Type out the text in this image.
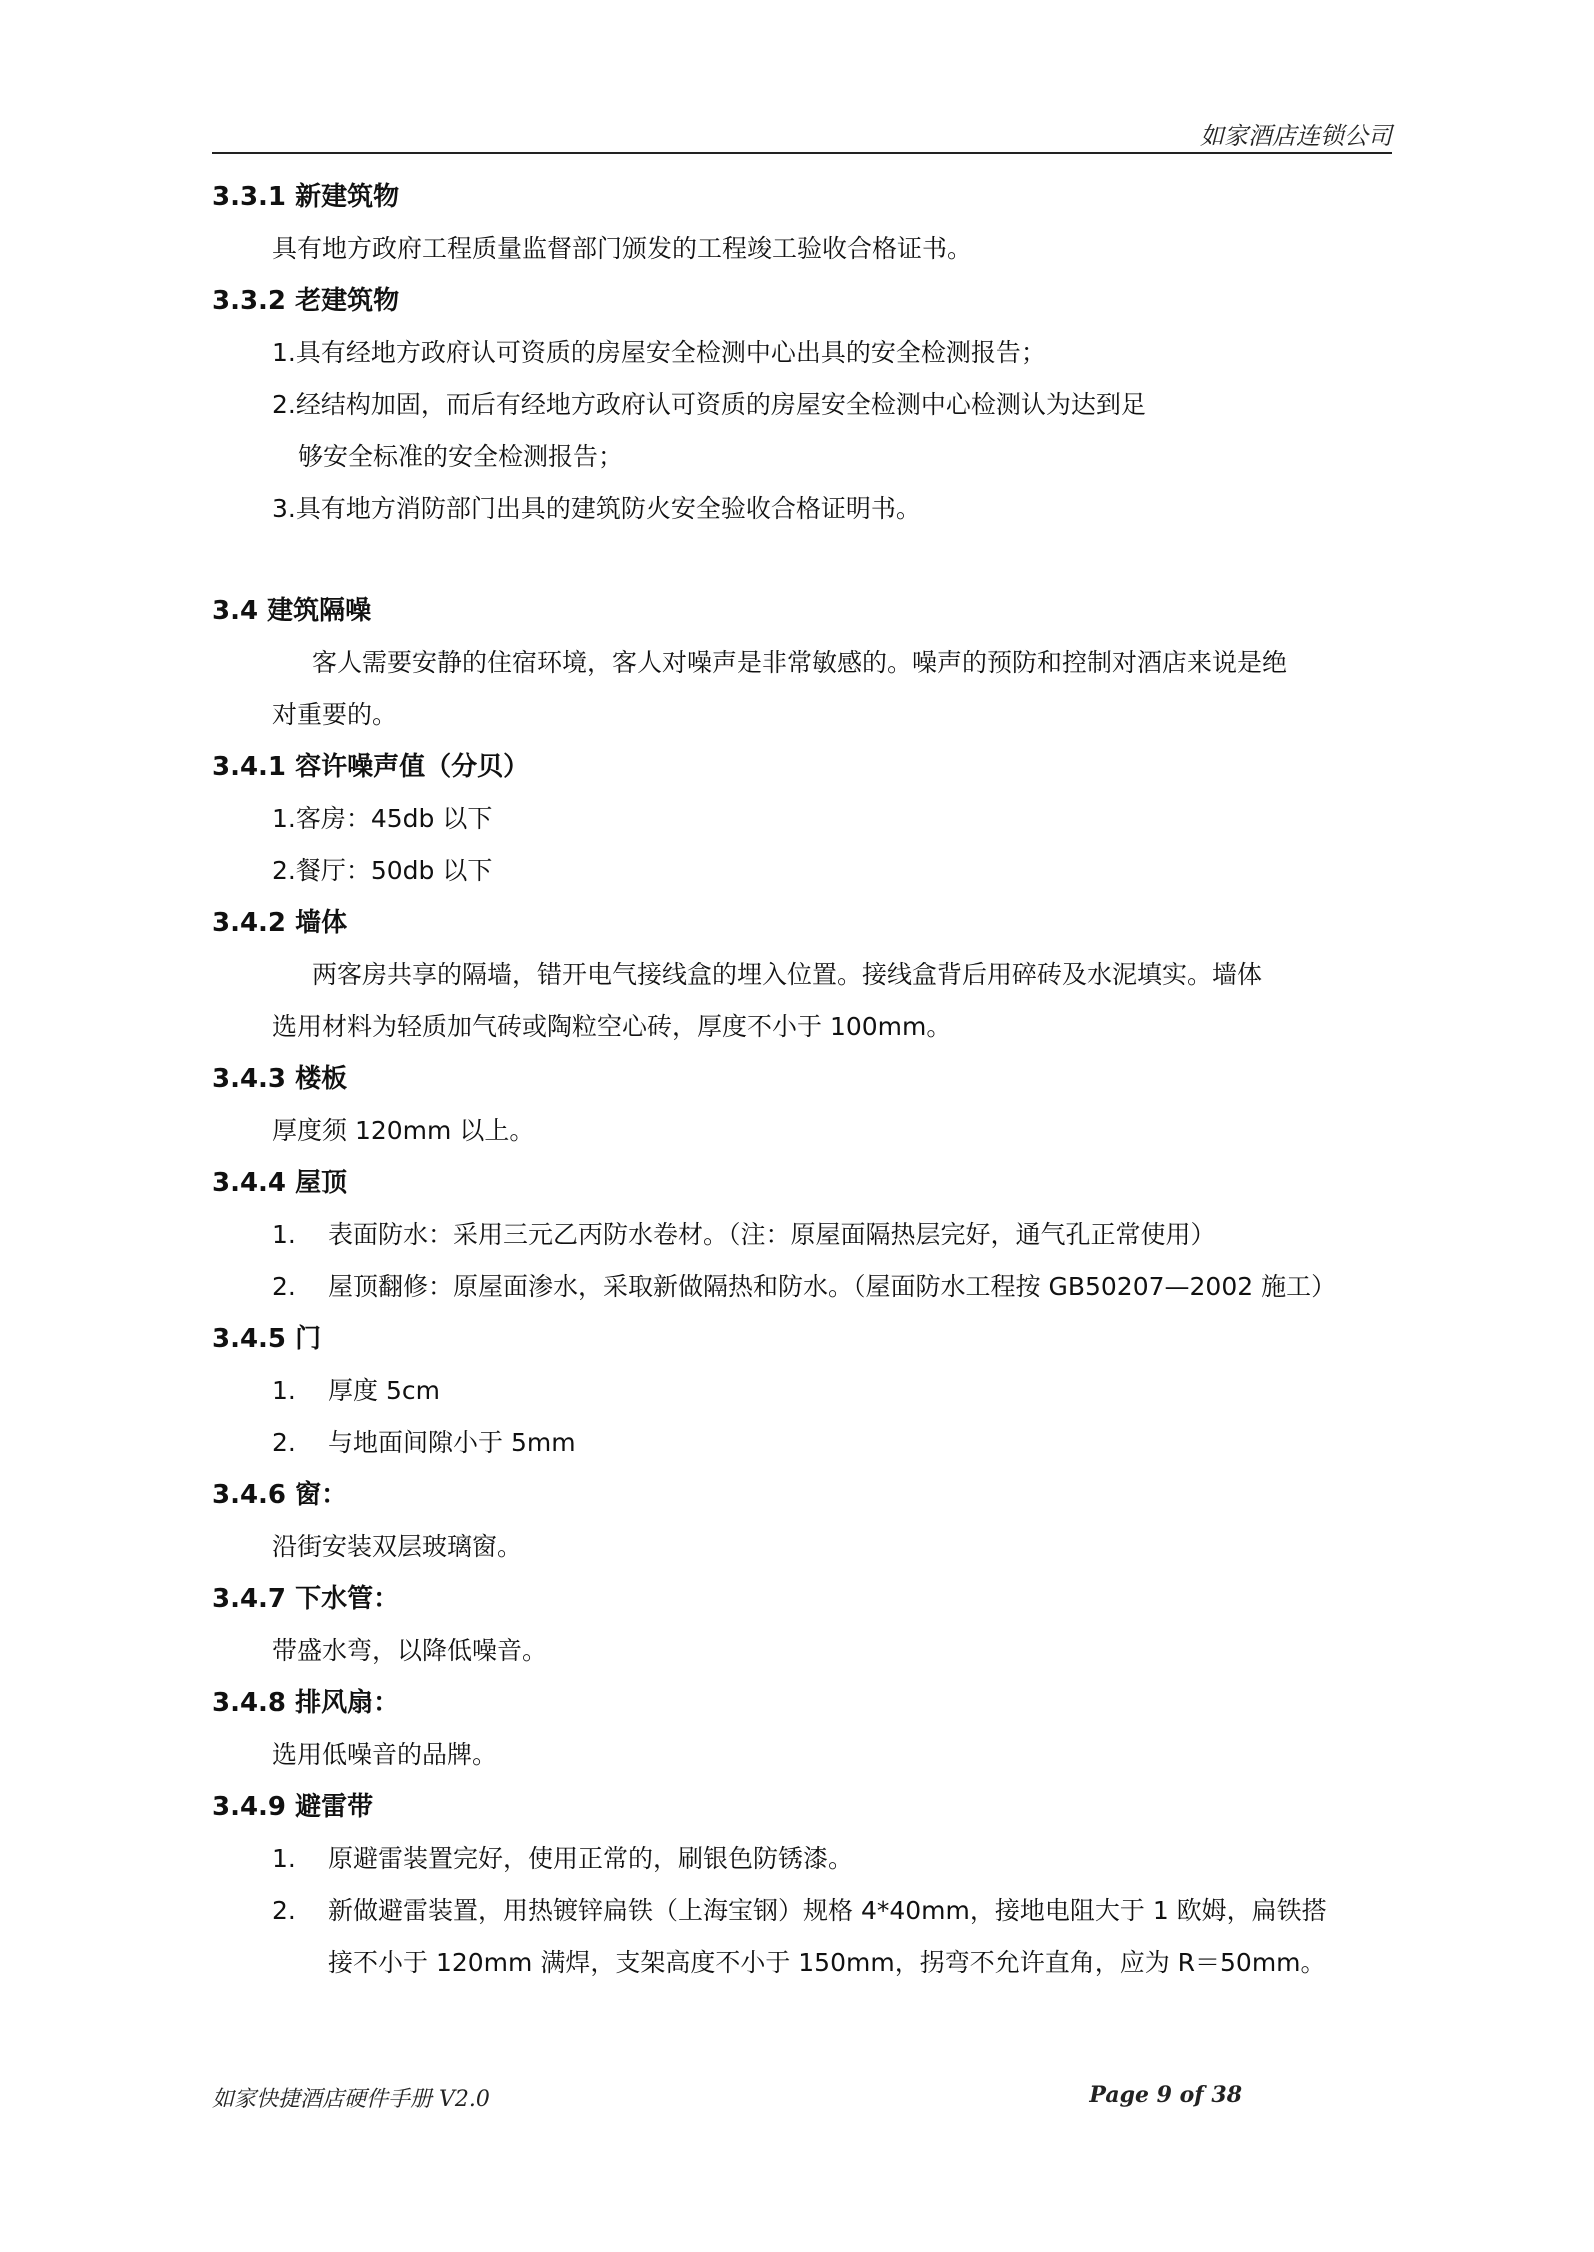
如家酒店连锁公司

3.3.1 新建筑物

具有地方政府工程质量监督部门颁发的工程竣工验收合格证书。

3.3.2 老建筑物

1.具有经地方政府认可资质的房屋安全检测中心出具的安全检测报告；

2.经结构加固，而后有经地方政府认可资质的房屋安全检测中心检测认为达到足

够安全标准的安全检测报告；

3.具有地方消防部门出具的建筑防火安全验收合格证明书。

3.4 建筑隔噪

客人需要安静的住宿环境，客人对噪声是非常敏感的。噪声的预防和控制对酒店来说是绝

对重要的。

3.4.1 容许噪声值（分贝）

1.客房：45db 以下

2.餐厅：50db 以下

3.4.2 墙体

两客房共享的隔墙，错开电气接线盒的埋入位置。接线盒背后用碎砖及水泥填实。墙体

选用材料为轻质加气砖或陶粒空心砖，厚度不小于 100mm。

3.4.3 楼板

厚度须 120mm 以上。

3.4.4 屋顶

1. 表面防水：采用三元乙丙防水卷材。（注：原屋面隔热层完好，通气孔正常使用）

2. 屋顶翻修：原屋面渗水，采取新做隔热和防水。（屋面防水工程按 GB50207—2002 施工）

3.4.5 门

1. 厚度 5cm

2. 与地面间隙小于 5mm

3.4.6 窗：

沿街安装双层玻璃窗。

3.4.7 下水管：

带盛水弯，以降低噪音。

3.4.8 排风扇：

选用低噪音的品牌。

3.4.9 避雷带

1. 原避雷装置完好，使用正常的，刷银色防锈漆。

2. 新做避雷装置，用热镀锌扁铁（上海宝钢）规格 4*40mm，接地电阻大于 1 欧姆，扁铁搭

接不小于 120mm 满焊，支架高度不小于 150mm，拐弯不允许直角，应为 R＝50mm。

如家快捷酒店硬件手册 V2.0	Page 9 of 38
